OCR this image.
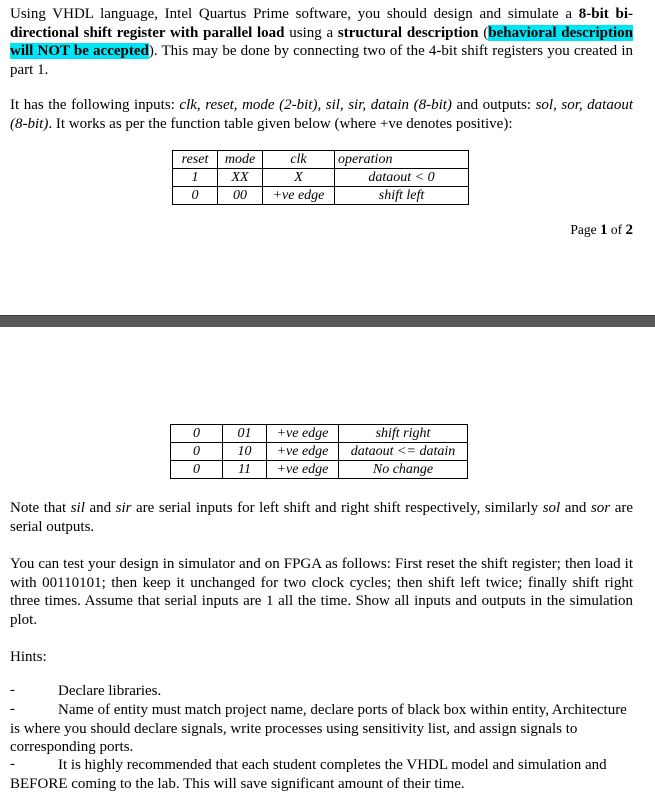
Using VHDL language, Intel Quartus Prime software, you should design and simulate a 8-bit bi-directional shift register with parallel load using a structural description (behavioral description will NOT be accepted). This may be done by connecting two of the 4-bit shift registers you created in part 1.

It has the following inputs: clk, reset, mode (2-bit), sil, sir, datain (8-bit) and outputs: sol, sor, dataout (8-bit). It works as per the function table given below (where +ve denotes positive):

reset	mode	clk	operation
1	XX	X	dataout < 0
0	00	+ve edge	shift left
Page 1 of 2
0	01	+ve edge	shift right
0	10	+ve edge	dataout <= datain
0	11	+ve edge	No change

Note that sil and sir are serial inputs for left shift and right shift respectively, similarly sol and sor are serial outputs.

You can test your design in simulator and on FPGA as follows: First reset the shift register; then load it with 00110101; then keep it unchanged for two clock cycles; then shift left twice; finally shift right three times. Assume that serial inputs are 1 all the time. Show all inputs and outputs in the simulation plot.

Hints:

-	Declare libraries.

-	Name of entity must match project name, declare ports of black box within entity, Architecture is where you should declare signals, write processes using sensitivity list, and assign signals to corresponding ports.

-	It is highly recommended that each student completes the VHDL model and simulation and BEFORE coming to the lab. This will save significant amount of their time.
